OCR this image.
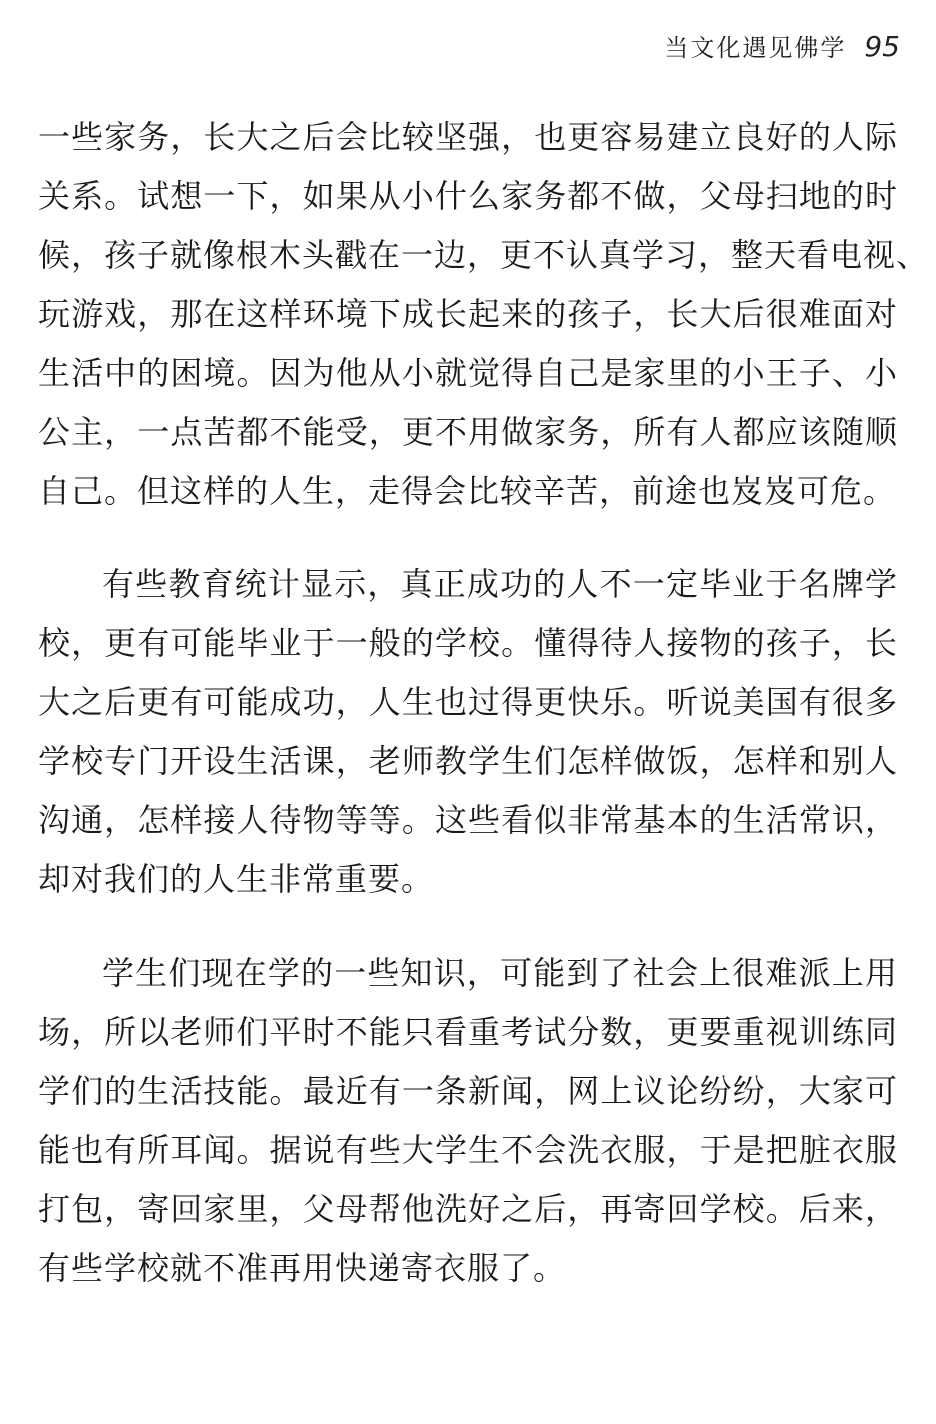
当文化遇见佛学 95
一些家务，长大之后会比较坚强，也更容易建立良好的人际
关系。试想一下，如果从小什么家务都不做，父母扫地的时
候，孩子就像根木头戳在一边，更不认真学习，整天看电视、
玩游戏，那在这样环境下成长起来的孩子，长大后很难面对
生活中的困境。因为他从小就觉得自己是家里的小王子、小
公主，一点苦都不能受，更不用做家务，所有人都应该随顺
自己。但这样的人生，走得会比较辛苦，前途也岌岌可危。
有些教育统计显示，真正成功的人不一定毕业于名牌学
校，更有可能毕业于一般的学校。懂得待人接物的孩子，长
大之后更有可能成功，人生也过得更快乐。听说美国有很多
学校专门开设生活课，老师教学生们怎样做饭，怎样和别人
沟通，怎样接人待物等等。这些看似非常基本的生活常识，
却对我们的人生非常重要。
学生们现在学的一些知识，可能到了社会上很难派上用
场，所以老师们平时不能只看重考试分数，更要重视训练同
学们的生活技能。最近有一条新闻，网上议论纷纷，大家可
能也有所耳闻。据说有些大学生不会洗衣服，于是把脏衣服
打包，寄回家里，父母帮他洗好之后，再寄回学校。后来，
有些学校就不准再用快递寄衣服了。
